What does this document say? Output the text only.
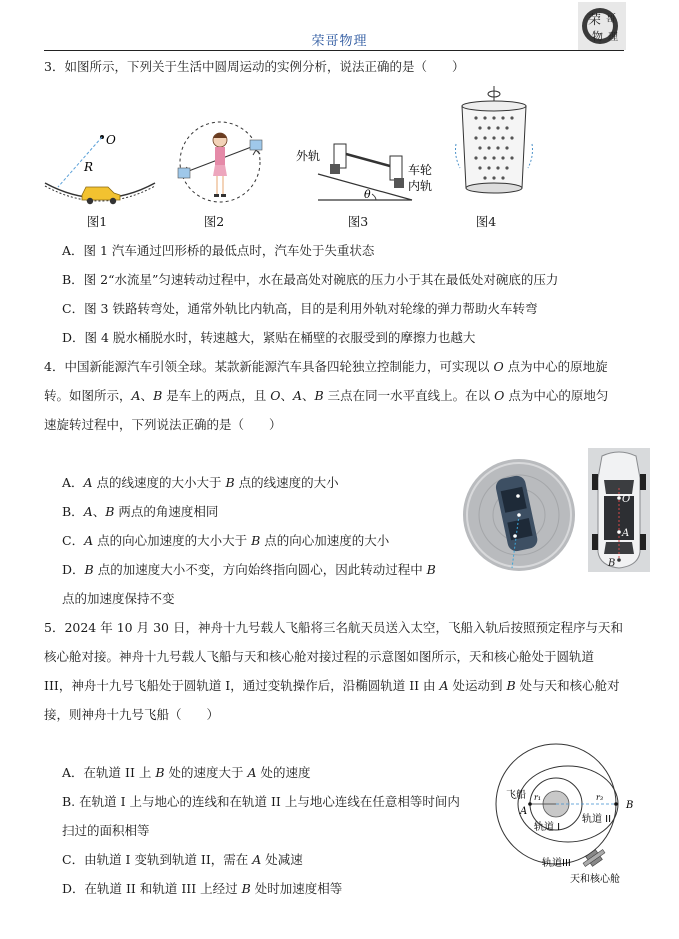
荣哥物理
荣 哥
物 理
3．如图所示，下列关于生活中圆周运动的实例分析，说法正确的是（　　）
O
R
图1	图2
外轨
车轮
内轨
θ
图3	图4
A．图 1 汽车通过凹形桥的最低点时，汽车处于失重状态
B．图 2“水流星”匀速转动过程中，水在最高处对碗底的压力小于其在最低处对碗底的压力
C．图 3 铁路转弯处，通常外轨比内轨高，目的是利用外轨对轮缘的弹力帮助火车转弯
D．图 4 脱水桶脱水时，转速越大，紧贴在桶壁的衣服受到的摩擦力也越大
4．中国新能源汽车引领全球。某款新能源汽车具备四轮独立控制能力，可实现以 O 点为中心的原地旋
转。如图所示，A、B 是车上的两点，且 O、A、B 三点在同一水平直线上。在以 O 点为中心的原地匀
速旋转过程中，下列说法正确的是（　　）
A．A 点的线速度的大小大于 B 点的线速度的大小
B．A、B 两点的角速度相同
C．A 点的向心加速度的大小大于 B 点的向心加速度的大小
D．B 点的加速度大小不变，方向始终指向圆心，因此转动过程中 B
点的加速度保持不变
O
A
B
5．2024 年 10 月 30 日，神舟十九号载人飞船将三名航天员送入太空，飞船入轨后按照预定程序与天和
核心舱对接。神舟十九号载人飞船与天和核心舱对接过程的示意图如图所示，天和核心舱处于圆轨道
III，神舟十九号飞船处于圆轨道 I，通过变轨操作后，沿椭圆轨道 II 由 A 处运动到 B 处与天和核心舱对
接，则神舟十九号飞船（　　）
A．在轨道 II 上 B 处的速度大于 A 处的速度
B. 在轨道 I 上与地心的连线和在轨道 II 上与地心连线在任意相等时间内
扫过的面积相等
C．由轨道 I 变轨到轨道 II，需在 A 处减速
D．在轨道 II 和轨道 III 上经过 B 处时加速度相等
飞船
A
B
r₁	r₃
轨道 I
轨道 II
轨道III
天和核心舱
